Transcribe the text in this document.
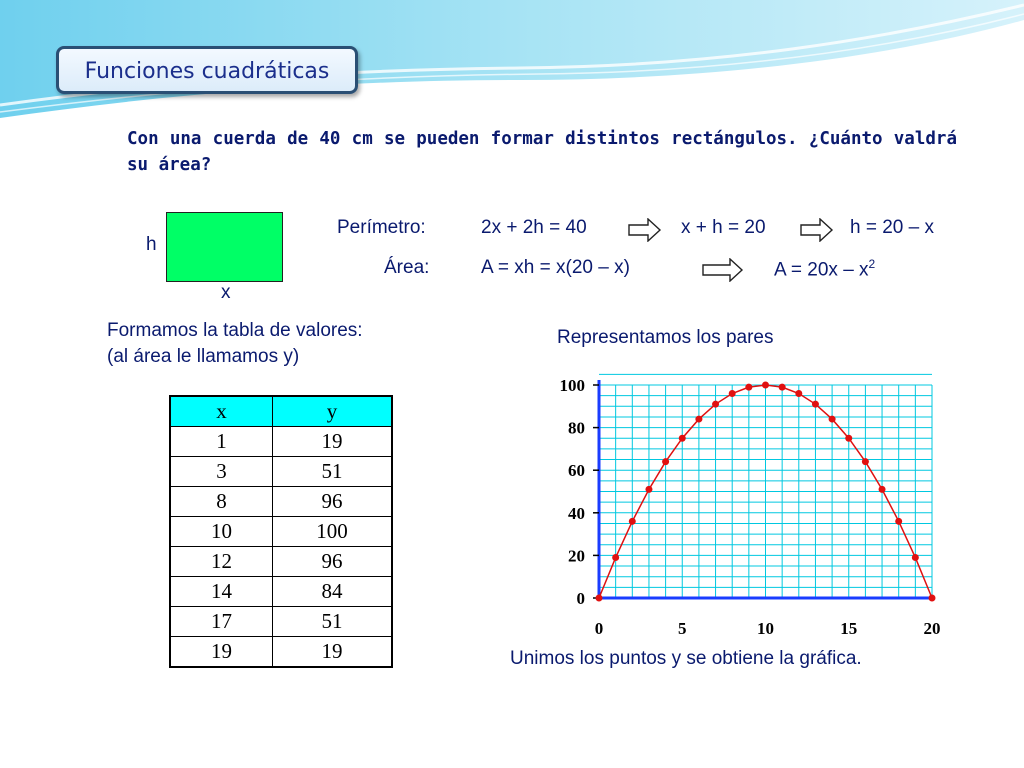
Funciones cuadráticas
Con una cuerda de 40 cm se pueden formar distintos rectángulos. ¿Cuánto valdrá su área?
h
x
Perímetro:	2x + 2h = 40	x + h = 20	h = 20 – x
Área:	A = xh = x(20 – x)	$A = 20x - x^2$
Formamos la tabla de valores:
(al área le llamamos y)
Representamos los pares
x	y
1	19
3	51
8	96
10	100
12	96
14	84
17	51
19	19
0
20
40
60
80
100
0	5	10	15	20
Unimos los puntos y se obtiene la gráfica.
